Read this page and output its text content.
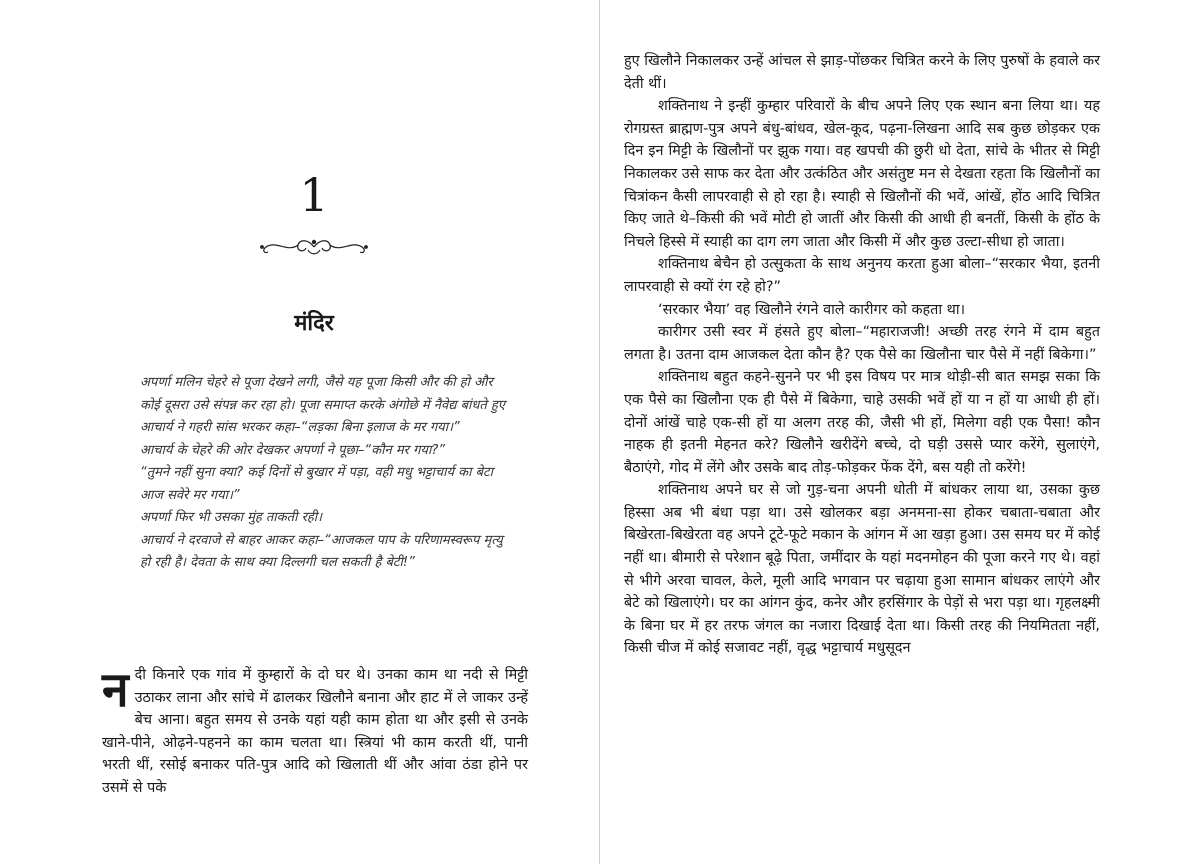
1
मंदिर

अपर्णा मलिन चेहरे से पूजा देखने लगी, जैसे यह पूजा किसी और की हो और कोई दूसरा उसे संपन्न कर रहा हो। पूजा समाप्त करके अंगोछे में नैवेद्य बांधते हुए आचार्य ने गहरी सांस भरकर कहा–“लड़का बिना इलाज के मर गया।”

आचार्य के चेहरे की ओर देखकर अपर्णा ने पूछा–“कौन मर गया?”

“तुमने नहीं सुना क्या? कई दिनों से बुखार में पड़ा, वही मधु भट्टाचार्य का बेटा आज सवेरे मर गया।”

अपर्णा फिर भी उसका मुंह ताकती रही।

आचार्य ने दरवाजे से बाहर आकर कहा–“आजकल पाप के परिणामस्वरूप मृत्यु हो रही है। देवता के साथ क्या दिल्लगी चल सकती है बेटी!”

नदी किनारे एक गांव में कुम्हारों के दो घर थे। उनका काम था नदी से मिट्टी उठाकर लाना और सांचे में ढालकर खिलौने बनाना और हाट में ले जाकर उन्हें बेच आना। बहुत समय से उनके यहां यही काम होता था और इसी से उनके खाने-पीने, ओढ़ने-पहनने का काम चलता था। स्त्रियां भी काम करती थीं, पानी भरती थीं, रसोई बनाकर पति-पुत्र आदि को खिलाती थीं और आंवा ठंडा होने पर उसमें से पके

हुए खिलौने निकालकर उन्हें आंचल से झाड़-पोंछकर चित्रित करने के लिए पुरुषों के हवाले कर देती थीं।

शक्तिनाथ ने इन्हीं कुम्हार परिवारों के बीच अपने लिए एक स्थान बना लिया था। यह रोगग्रस्त ब्राह्मण-पुत्र अपने बंधु-बांधव, खेल-कूद, पढ़ना-लिखना आदि सब कुछ छोड़कर एक दिन इन मिट्टी के खिलौनों पर झुक गया। वह खपची की छुरी धो देता, सांचे के भीतर से मिट्टी निकालकर उसे साफ कर देता और उत्कंठित और असंतुष्ट मन से देखता रहता कि खिलौनों का चित्रांकन कैसी लापरवाही से हो रहा है। स्याही से खिलौनों की भवें, आंखें, होंठ आदि चित्रित किए जाते थे–किसी की भवें मोटी हो जातीं और किसी की आधी ही बनतीं, किसी के होंठ के निचले हिस्से में स्याही का दाग लग जाता और किसी में और कुछ उल्टा-सीधा हो जाता।

शक्तिनाथ बेचैन हो उत्सुकता के साथ अनुनय करता हुआ बोला–“सरकार भैया, इतनी लापरवाही से क्यों रंग रहे हो?”

‘सरकार भैया’ वह खिलौने रंगने वाले कारीगर को कहता था।

कारीगर उसी स्वर में हंसते हुए बोला–“महाराजजी! अच्छी तरह रंगने में दाम बहुत लगता है। उतना दाम आजकल देता कौन है? एक पैसे का खिलौना चार पैसे में नहीं बिकेगा।”

शक्तिनाथ बहुत कहने-सुनने पर भी इस विषय पर मात्र थोड़ी-सी बात समझ सका कि एक पैसे का खिलौना एक ही पैसे में बिकेगा, चाहे उसकी भवें हों या न हों या आधी ही हों। दोनों आंखें चाहे एक-सी हों या अलग तरह की, जैसी भी हों, मिलेगा वही एक पैसा! कौन नाहक ही इतनी मेहनत करे? खिलौने खरीदेंगे बच्चे, दो घड़ी उससे प्यार करेंगे, सुलाएंगे, बैठाएंगे, गोद में लेंगे और उसके बाद तोड़-फोड़कर फेंक देंगे, बस यही तो करेंगे!

शक्तिनाथ अपने घर से जो गुड़-चना अपनी धोती में बांधकर लाया था, उसका कुछ हिस्सा अब भी बंधा पड़ा था। उसे खोलकर बड़ा अनमना-सा होकर चबाता-चबाता और बिखेरता-बिखेरता वह अपने टूटे-फूटे मकान के आंगन में आ खड़ा हुआ। उस समय घर में कोई नहीं था। बीमारी से परेशान बूढ़े पिता, जमींदार के यहां मदनमोहन की पूजा करने गए थे। वहां से भीगे अरवा चावल, केले, मूली आदि भगवान पर चढ़ाया हुआ सामान बांधकर लाएंगे और बेटे को खिलाएंगे। घर का आंगन कुंद, कनेर और हरसिंगार के पेड़ों से भरा पड़ा था। गृहलक्ष्मी के बिना घर में हर तरफ जंगल का नजारा दिखाई देता था। किसी तरह की नियमितता नहीं, किसी चीज में कोई सजावट नहीं, वृद्ध भट्टाचार्य मधुसूदन
